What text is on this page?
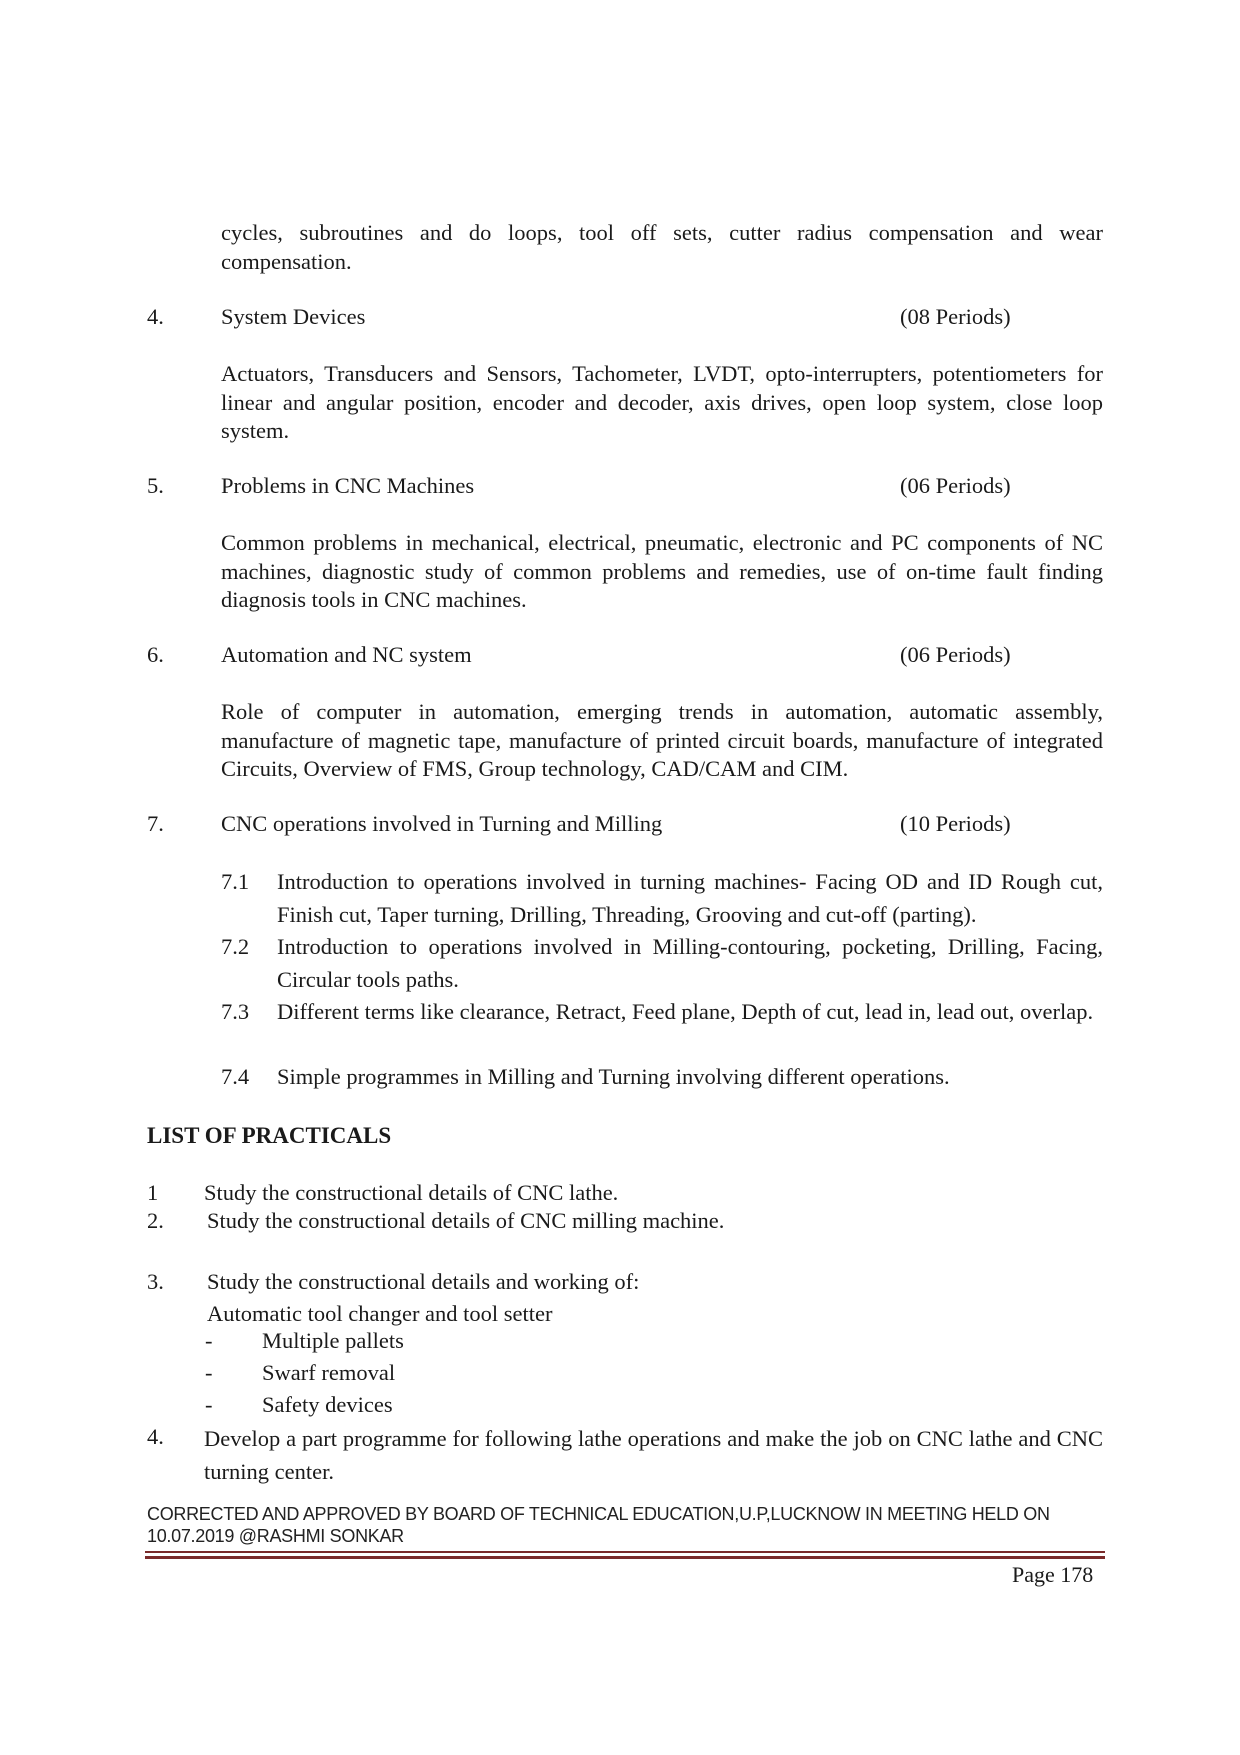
cycles, subroutines and do loops, tool off sets, cutter radius compensation and wear compensation.
4.	System Devices	(08 Periods)
Actuators, Transducers and Sensors, Tachometer, LVDT, opto-interrupters, potentiometers for linear and angular position, encoder and decoder, axis drives, open loop system, close loop system.
5.	Problems in CNC Machines	(06 Periods)
Common problems in mechanical, electrical, pneumatic, electronic and PC components of NC machines, diagnostic study of common problems and remedies, use of on-time fault finding diagnosis tools in CNC machines.
6.	Automation and NC system	(06 Periods)
Role of computer in automation, emerging trends in automation, automatic assembly, manufacture of magnetic tape, manufacture of printed circuit boards, manufacture of integrated Circuits, Overview of FMS, Group technology, CAD/CAM and CIM.
7.	CNC operations involved in Turning and Milling	(10 Periods)
7.1 Introduction to operations involved in turning machines- Facing OD and ID Rough cut, Finish cut, Taper turning, Drilling, Threading, Grooving and cut-off (parting).
7.2 Introduction to operations involved in Milling-contouring, pocketing, Drilling, Facing, Circular tools paths.
7.3 Different terms like clearance, Retract, Feed plane, Depth of cut, lead in, lead out, overlap.
7.4 Simple programmes in Milling and Turning involving different operations.
LIST OF PRACTICALS
1 Study the constructional details of CNC lathe.
2. Study the constructional details of CNC milling machine.
3. Study the constructional details and working of:
Automatic tool changer and tool setter
- Multiple pallets
- Swarf removal
- Safety devices
4. Develop a part programme for following lathe operations and make the job on CNC lathe and CNC turning center.
CORRECTED AND APPROVED BY BOARD OF TECHNICAL EDUCATION,U.P,LUCKNOW IN MEETING HELD ON
10.07.2019 @RASHMI SONKAR
Page 178
